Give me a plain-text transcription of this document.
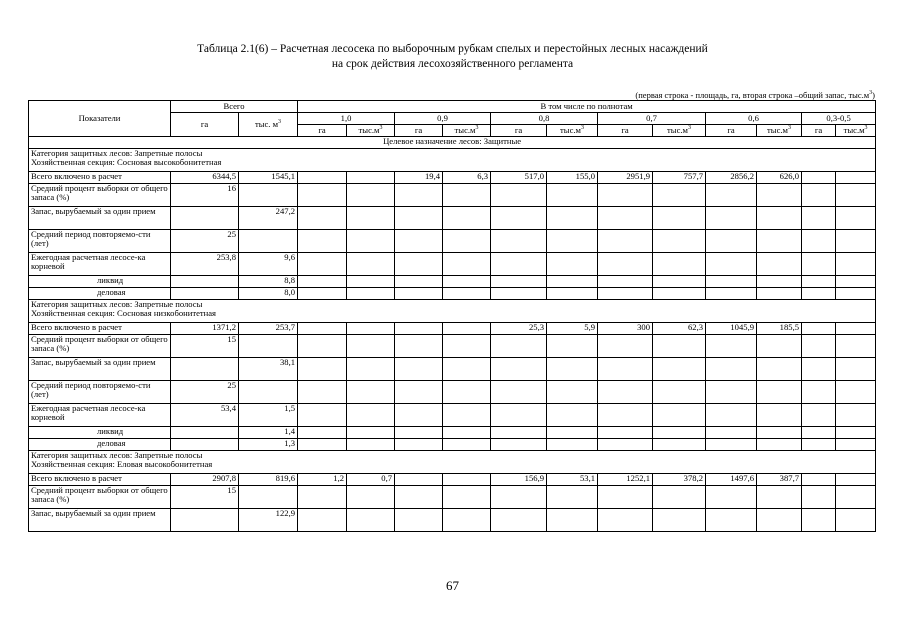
Таблица 2.1(6) – Расчетная лесосека по выборочным рубкам спелых и перестойных лесных насаждений
на срок действия лесохозяйственного регламента
(первая строка - площадь, га, вторая строка –общий запас, $тыс.м^3$)
Показатели	Всего		В том числе по полнотам											
	га	тыс. $м^3$	1,0		0,9		0,8		0,7		0,6		0,3-0,5	
			га	$тыс.м^3$	га	$тыс.м^3$	га	$тыс.м^3$	га	$тыс.м^3$	га	$тыс.м^3$	га	$тыс.м^3$
Целевое назначение лесов: Защитные														

Категория защитных лесов: Запретные полосы
Хозяйственная секция: Сосновая высокобонитетная														

Всего включено в расчет	6344,5	1545,1			19,4	6,3	517,0	155,0	2951,9	757,7	2856,2	626,0		
Средний процент выборки от общего запаса (%)	16													
Запас, вырубаемый за один прием		247,2												
Средний период повторяемо-сти (лет)	25													
Ежегодная расчетная лесосе-ка                    корневой	253,8	9,6												
ликвид		8,8												
деловая		8,0												

Категория защитных лесов: Запретные полосы
Хозяйственная секция: Сосновая низкобонитетная														

Всего включено в расчет	1371,2	253,7					25,3	5,9	300	62,3	1045,9	185,5		
Средний процент выборки от общего запаса (%)	15													
Запас, вырубаемый за один прием		38,1												
Средний период повторяемо-сти (лет)	25													
Ежегодная расчетная лесосе-ка                    корневой	53,4	1,5												
ликвид		1,4												
деловая		1,3												

Категория защитных лесов: Запретные полосы
Хозяйственная секция: Еловая высокобонитетная														

Всего включено в расчет	2907,8	819,6	1,2	0,7			156,9	53,1	1252,1	378,2	1497,6	387,7		
Средний процент выборки от общего запаса (%)	15													
Запас, вырубаемый за один прием		122,9												
67
